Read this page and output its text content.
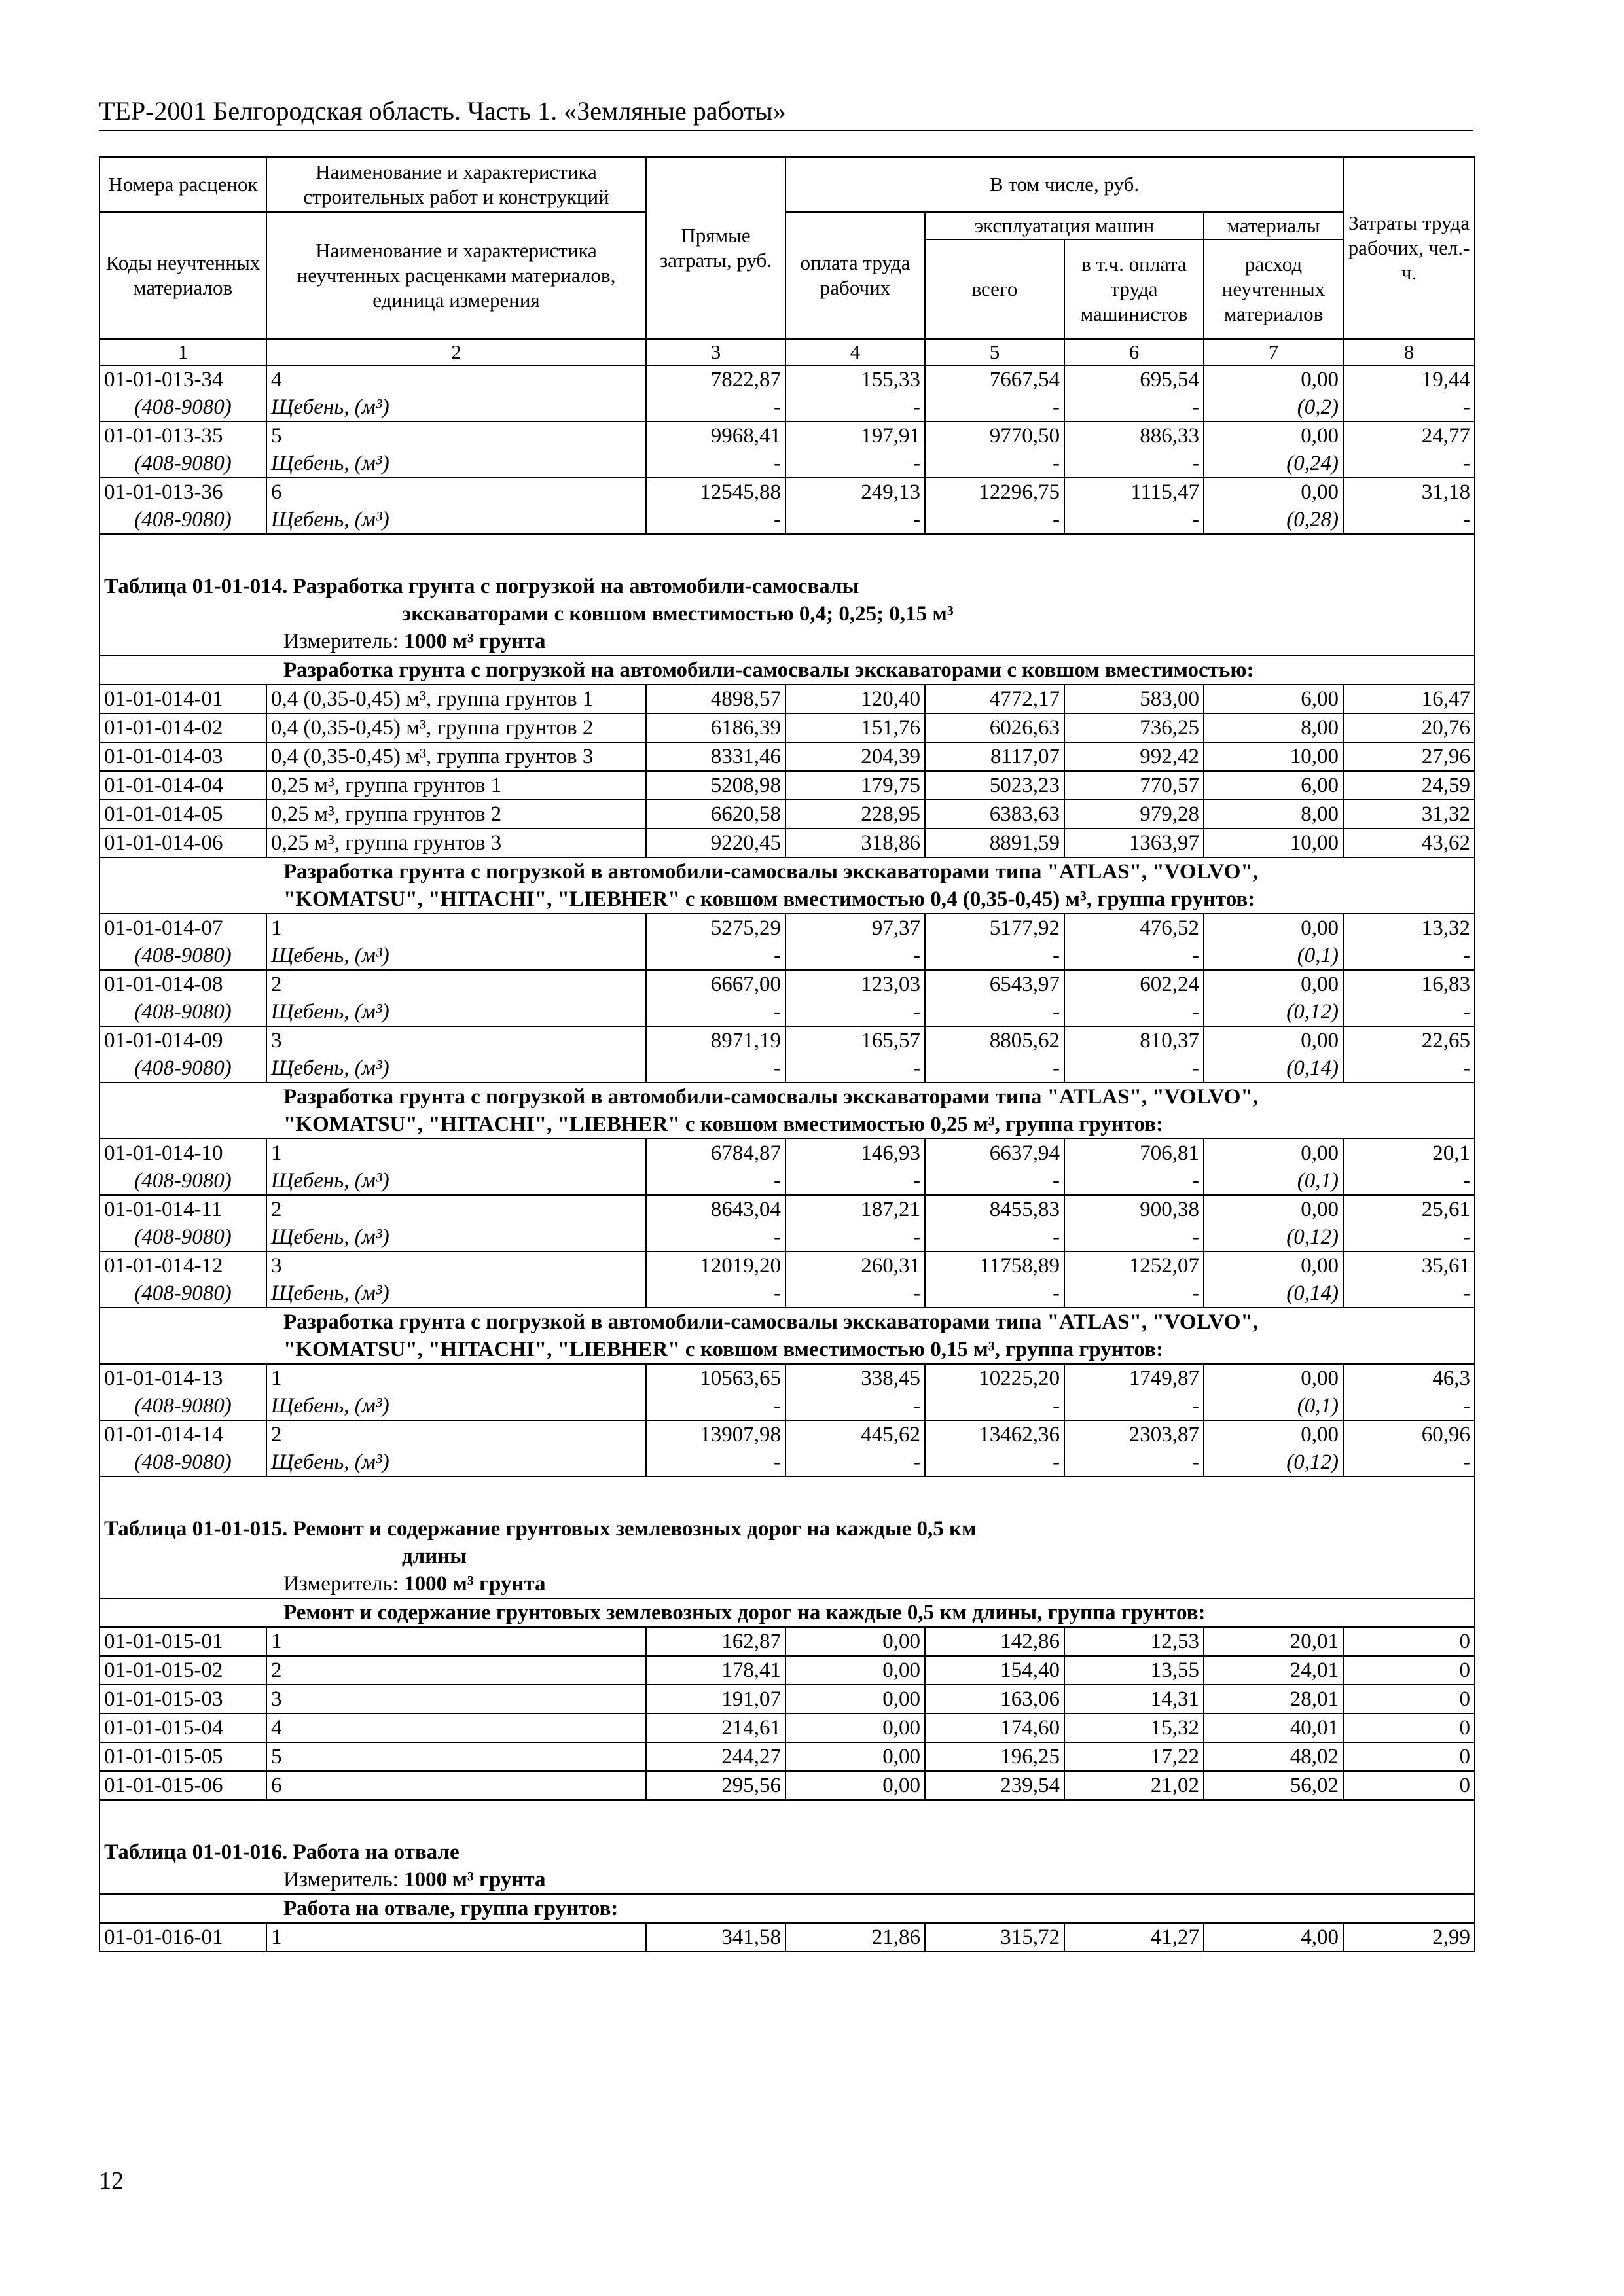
ТЕР-2001 Белгородская область. Часть 1. «Земляные работы»
Номера расценок	Наименование и характеристика строительных работ и конструкций	Прямые затраты, руб.	В том числе, руб.				Затраты труда рабочих, чел.-ч.
Коды неучтенных материалов	Наименование и характеристика неучтенных расценками материалов, единица измерения		оплата труда рабочих	эксплуатация машин		материалы	
				всего	в т.ч. оплата труда машинистов	расход неучтенных материалов	
1	2	3	4	5	6	7	8
01-01-013-34	4	7822,87	155,33	7667,54	695,54	0,00	19,44
(408-9080)	Щебень, (м³)	-	-	-	-	(0,2)	-
01-01-013-35	5	9968,41	197,91	9770,50	886,33	0,00	24,77
(408-9080)	Щебень, (м³)	-	-	-	-	(0,24)	-
01-01-013-36	6	12545,88	249,13	12296,75	1115,47	0,00	31,18
(408-9080)	Щебень, (м³)	-	-	-	-	(0,28)	-

Таблица 01-01-014. Разработка грунта с погрузкой на автомобили-самосвалы
экскаваторами с ковшом вместимостью 0,4; 0,25; 0,15 м³							

Измеритель: 1000 м³ грунта							
Разработка грунта с погрузкой на автомобили-самосвалы экскаваторами с ковшом вместимостью:							
01-01-014-01	0,4 (0,35-0,45) м³, группа грунтов 1	4898,57	120,40	4772,17	583,00	6,00	16,47
01-01-014-02	0,4 (0,35-0,45) м³, группа грунтов 2	6186,39	151,76	6026,63	736,25	8,00	20,76
01-01-014-03	0,4 (0,35-0,45) м³, группа грунтов 3	8331,46	204,39	8117,07	992,42	10,00	27,96
01-01-014-04	0,25 м³, группа грунтов 1	5208,98	179,75	5023,23	770,57	6,00	24,59
01-01-014-05	0,25 м³, группа грунтов 2	6620,58	228,95	6383,63	979,28	8,00	31,32
01-01-014-06	0,25 м³, группа грунтов 3	9220,45	318,86	8891,59	1363,97	10,00	43,62
Разработка грунта с погрузкой в автомобили-самосвалы экскаваторами типа "ATLAS", "VOLVO",
"KOMATSU", "HITACHI", "LIEBHER" с ковшом вместимостью 0,4 (0,35-0,45) м³, группа грунтов:							
01-01-014-07	1	5275,29	97,37	5177,92	476,52	0,00	13,32
(408-9080)	Щебень, (м³)	-	-	-	-	(0,1)	-
01-01-014-08	2	6667,00	123,03	6543,97	602,24	0,00	16,83
(408-9080)	Щебень, (м³)	-	-	-	-	(0,12)	-
01-01-014-09	3	8971,19	165,57	8805,62	810,37	0,00	22,65
(408-9080)	Щебень, (м³)	-	-	-	-	(0,14)	-
Разработка грунта с погрузкой в автомобили-самосвалы экскаваторами типа "ATLAS", "VOLVO",
"KOMATSU", "HITACHI", "LIEBHER" с ковшом вместимостью 0,25 м³, группа грунтов:							
01-01-014-10	1	6784,87	146,93	6637,94	706,81	0,00	20,1
(408-9080)	Щебень, (м³)	-	-	-	-	(0,1)	-
01-01-014-11	2	8643,04	187,21	8455,83	900,38	0,00	25,61
(408-9080)	Щебень, (м³)	-	-	-	-	(0,12)	-
01-01-014-12	3	12019,20	260,31	11758,89	1252,07	0,00	35,61
(408-9080)	Щебень, (м³)	-	-	-	-	(0,14)	-
Разработка грунта с погрузкой в автомобили-самосвалы экскаваторами типа "ATLAS", "VOLVO",
"KOMATSU", "HITACHI", "LIEBHER" с ковшом вместимостью 0,15 м³, группа грунтов:							
01-01-014-13	1	10563,65	338,45	10225,20	1749,87	0,00	46,3
(408-9080)	Щебень, (м³)	-	-	-	-	(0,1)	-
01-01-014-14	2	13907,98	445,62	13462,36	2303,87	0,00	60,96
(408-9080)	Щебень, (м³)	-	-	-	-	(0,12)	-

Таблица 01-01-015. Ремонт и содержание грунтовых землевозных дорог на каждые 0,5 км
длины							

Измеритель: 1000 м³ грунта							
Ремонт и содержание грунтовых землевозных дорог на каждые 0,5 км длины, группа грунтов:							
01-01-015-01	1	162,87	0,00	142,86	12,53	20,01	0
01-01-015-02	2	178,41	0,00	154,40	13,55	24,01	0
01-01-015-03	3	191,07	0,00	163,06	14,31	28,01	0
01-01-015-04	4	214,61	0,00	174,60	15,32	40,01	0
01-01-015-05	5	244,27	0,00	196,25	17,22	48,02	0
01-01-015-06	6	295,56	0,00	239,54	21,02	56,02	0

Таблица 01-01-016. Работа на отвале							

Измеритель: 1000 м³ грунта							
Работа на отвале, группа грунтов:							
01-01-016-01	1	341,58	21,86	315,72	41,27	4,00	2,99
12
